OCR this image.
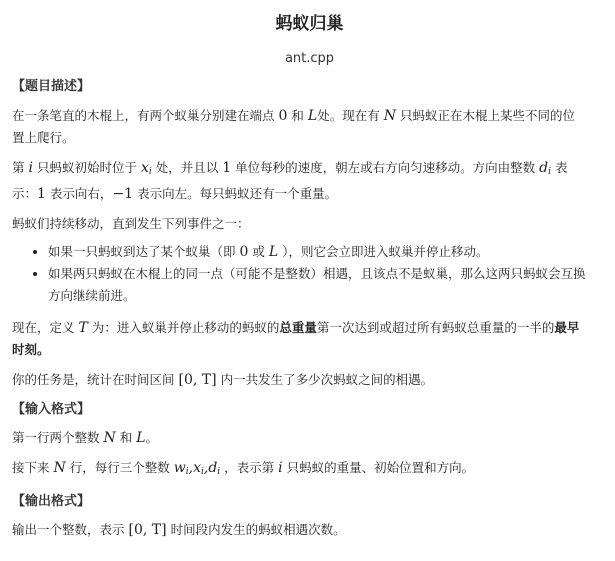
蚂蚁归巢
ant.cpp
【题目描述】

在一条笔直的木棍上，有两个蚁巢分别建在端点 0 和 L处。现在有 N 只蚂蚁正在木棍上某些不同的位
置上爬行。

第 i 只蚂蚁初始时位于 $x_i$ 处，并且以 1 单位每秒的速度，朝左或右方向匀速移动。方向由整数 $d_i$ 表
示：1 表示向右，−1 表示向左。每只蚂蚁还有一个重量。

蚂蚁们持续移动，直到发生下列事件之一：

• 如果一只蚂蚁到达了某个蚁巢（即 0 或 L ），则它会立即进入蚁巢并停止移动。
• 如果两只蚂蚁在木棍上的同一点（可能不是整数）相遇，且该点不是蚁巢，那么这两只蚂蚁会互换
方向继续前进。

现在，定义 T 为：进入蚁巢并停止移动的蚂蚁的总重量第一次达到或超过所有蚂蚁总重量的一半的最早
时刻。

你的任务是，统计在时间区间 [0, T] 内一共发生了多少次蚂蚁之间的相遇。

【输入格式】

第一行两个整数 N 和 L。

接下来 N 行，每行三个整数 $w_i,x_i,d_i$ ，表示第 i 只蚂蚁的重量、初始位置和方向。

【输出格式】

输出一个整数，表示 [0, T] 时间段内发生的蚂蚁相遇次数。
